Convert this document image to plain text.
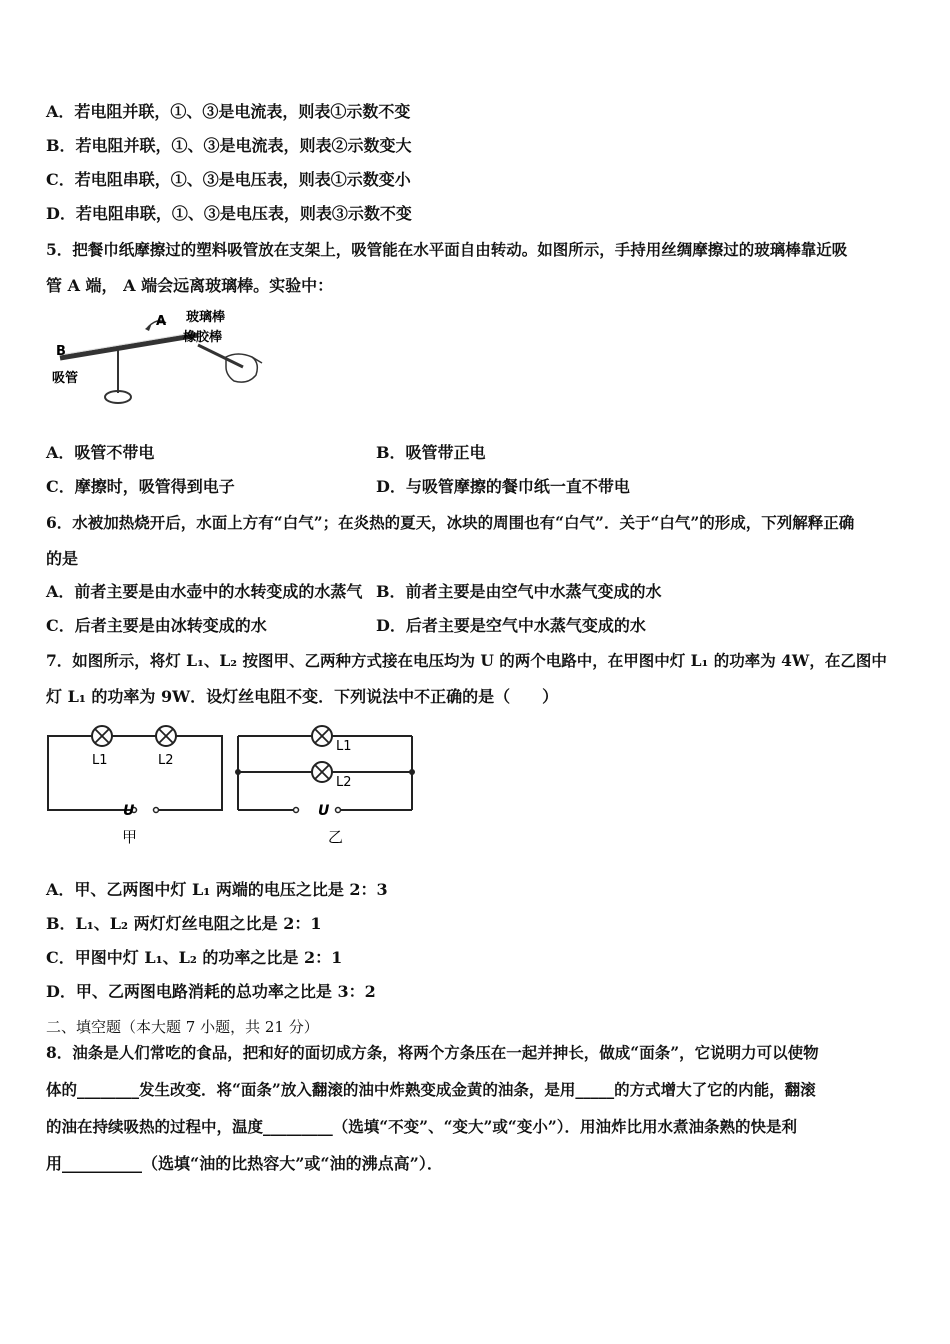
A．若电阻并联，①、③是电流表，则表①示数不变
B．若电阻并联，①、③是电流表，则表②示数变大
C．若电阻串联，①、③是电压表，则表①示数变小
D．若电阻串联，①、③是电压表，则表③示数不变
5．把餐巾纸摩擦过的塑料吸管放在支架上，吸管能在水平面自由转动。如图所示，手持用丝绸摩擦过的玻璃棒靠近吸
管 A 端， A 端会远离玻璃棒。实验中：
A
B
吸管
玻璃棒
橡胶棒
A．吸管不带电	B．吸管带正电
C．摩擦时，吸管得到电子	D．与吸管摩擦的餐巾纸一直不带电
6．水被加热烧开后，水面上方有“白气”；在炎热的夏天，冰块的周围也有“白气”．关于“白气”的形成，下列解释正确
的是
A．前者主要是由水壶中的水转变成的水蒸气 B．前者主要是由空气中水蒸气变成的水
C．后者主要是由冰转变成的水	D．后者主要是空气中水蒸气变成的水
7．如图所示，将灯 L₁、L₂ 按图甲、乙两种方式接在电压均为 U 的两个电路中，在甲图中灯 L₁ 的功率为 4W，在乙图中
灯 L₁ 的功率为 9W．设灯丝电阻不变．下列说法中不正确的是（　　）
L1	L2
U
甲
L1
L2
U
乙
A．甲、乙两图中灯 L₁ 两端的电压之比是 2：3
B．L₁、L₂ 两灯灯丝电阻之比是 2：1
C．甲图中灯 L₁、L₂ 的功率之比是 2：1
D．甲、乙两图电路消耗的总功率之比是 3：2
二、填空题（本大题 7 小题，共 21 分）
8．油条是人们常吃的食品，把和好的面切成方条，将两个方条压在一起并抻长，做成“面条”，它说明力可以使物
体的________发生改变．将“面条”放入翻滚的油中炸熟变成金黄的油条，是用_____的方式增大了它的内能，翻滚
的油在持续吸热的过程中，温度_________（选填“不变”、“变大”或“变小”）．用油炸比用水煮油条熟的快是利
用__________（选填“油的比热容大”或“油的沸点高”）．
